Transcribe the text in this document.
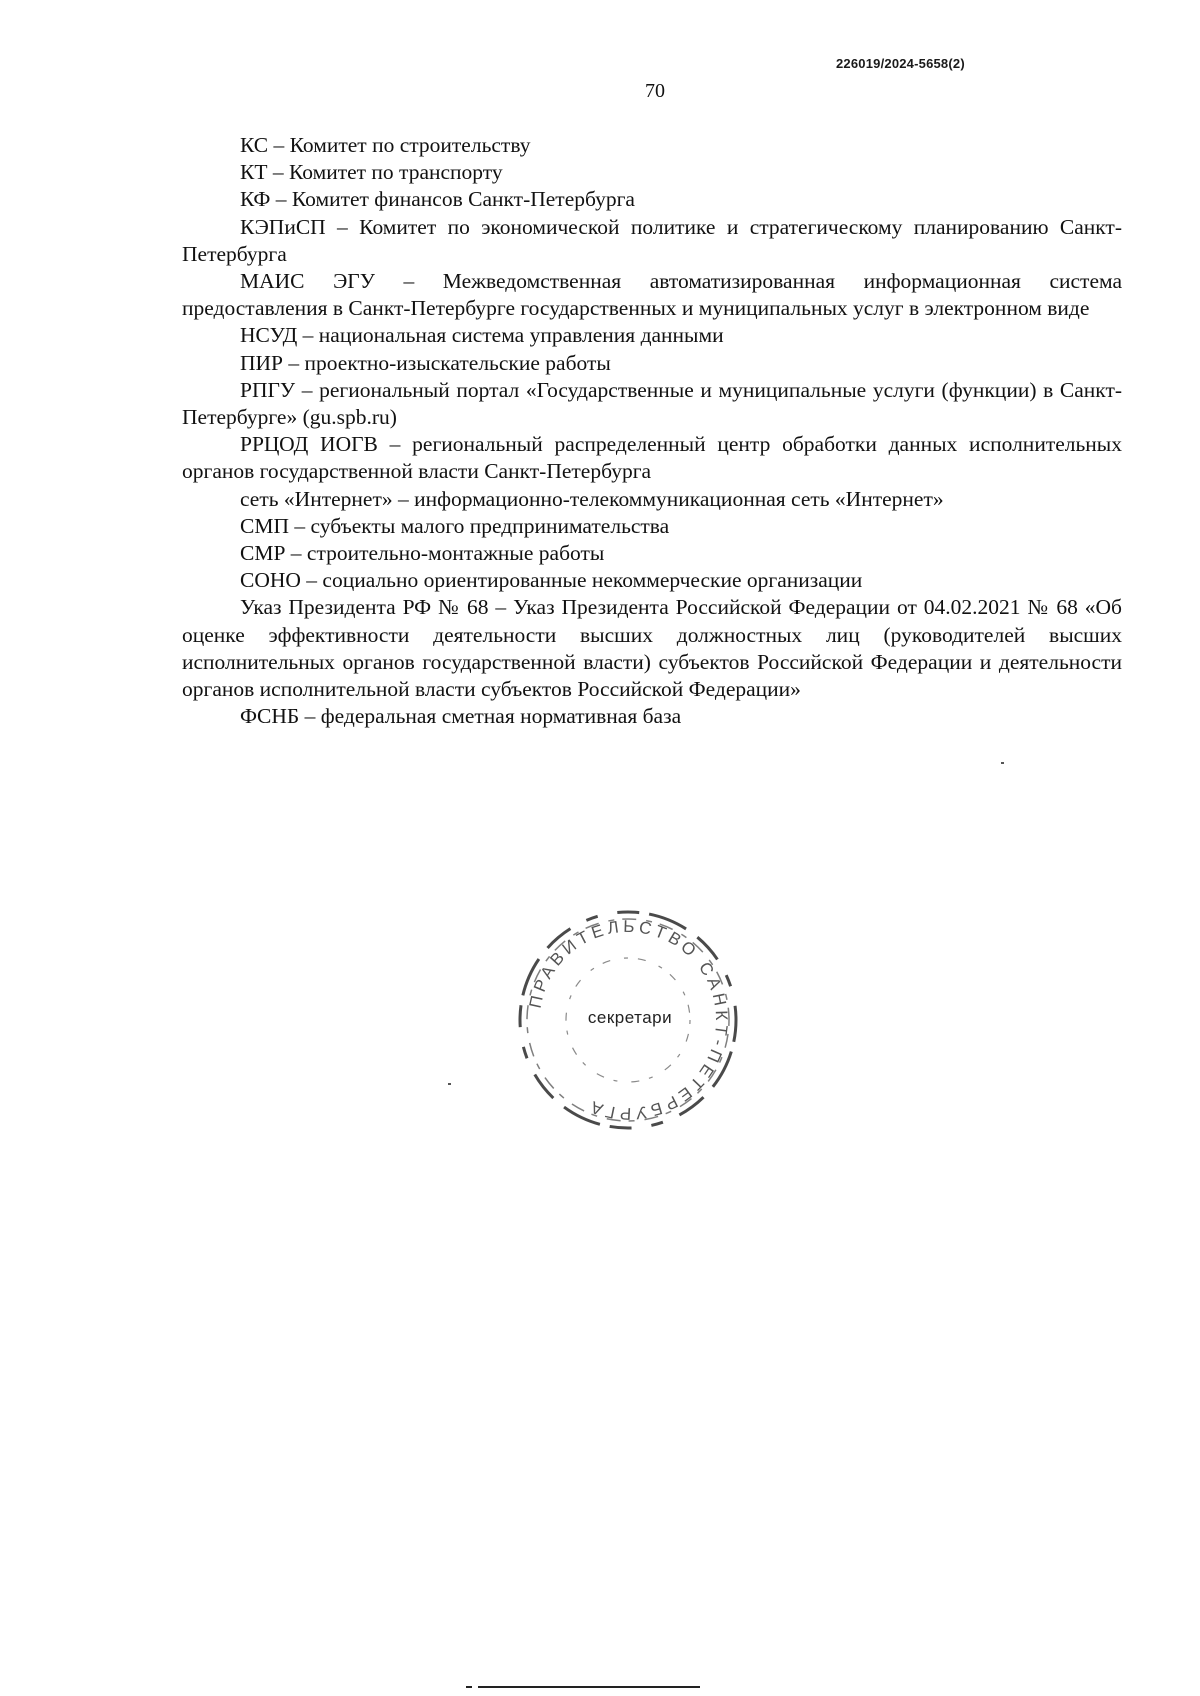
226019/2024-5658(2)
70

КС – Комитет по строительству

КТ – Комитет по транспорту

КФ – Комитет финансов Санкт-Петербурга

КЭПиСП – Комитет по экономической политике и стратегическому планированию Санкт-Петербурга

МАИС ЭГУ – Межведомственная автоматизированная информационная система предоставления в Санкт-Петербурге государственных и муниципальных услуг в электронном виде

НСУД – национальная система управления данными

ПИР – проектно-изыскательские работы

РПГУ – региональный портал «Государственные и муниципальные услуги (функции) в Санкт-Петербурге» (gu.spb.ru)

РРЦОД ИОГВ – региональный распределенный центр обработки данных исполнительных органов государственной власти Санкт-Петербурга

сеть «Интернет» – информационно-телекоммуникационная сеть «Интернет»

СМП – субъекты малого предпринимательства

СМР – строительно-монтажные работы

СОНО – социально ориентированные некоммерческие организации

Указ Президента РФ № 68 – Указ Президента Российской Федерации от 04.02.2021 № 68 «Об оценке эффективности деятельности высших должностных лиц (руководителей высших исполнительных органов государственной власти) субъектов Российской Федерации и деятельности органов исполнительной власти субъектов Российской Федерации»

ФСНБ – федеральная сметная нормативная база

ПРАВИТЕЛЬСТВО САНКТ-ПЕТЕРБУРГА
секретари
